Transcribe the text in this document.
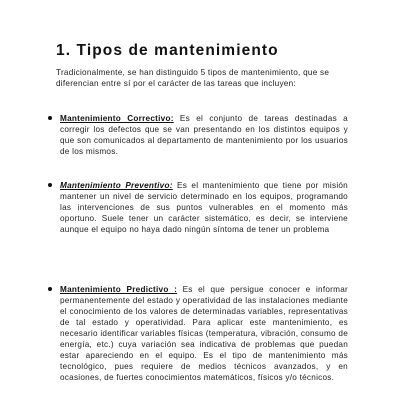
1. Tipos de mantenimiento

Tradicionalmente, se han distinguido 5 tipos de mantenimiento, que se diferencian entre sí por el carácter de las tareas que incluyen:

Mantenimiento Correctivo: Es el conjunto de tareas destinadas a corregir los defectos que se van presentando en los distintos equipos y que son comunicados al departamento de mantenimiento por los usuarios de los mismos.

Mantenimiento Preventivo: Es el mantenimiento que tiene por misión mantener un nivel de servicio determinado en los equipos, programando las intervenciones de sus puntos vulnerables en el momento más oportuno. Suele tener un carácter sistemático, es decir, se interviene aunque el equipo no haya dado ningún síntoma de tener un problema

Mantenimiento Predictivo : Es el que persigue conocer e informar permanentemente del estado y operatividad de las instalaciones mediante el conocimiento de los valores de determinadas variables, representativas de tal estado y operatividad. Para aplicar este mantenimiento, es necesario identificar variables físicas (temperatura, vibración, consumo de energía, etc.) cuya variación sea indicativa de problemas que puedan estar apareciendo en el equipo. Es el tipo de mantenimiento más tecnológico, pues requiere de medios técnicos avanzados, y en ocasiones, de fuertes conocimientos matemáticos, físicos y/o técnicos.
